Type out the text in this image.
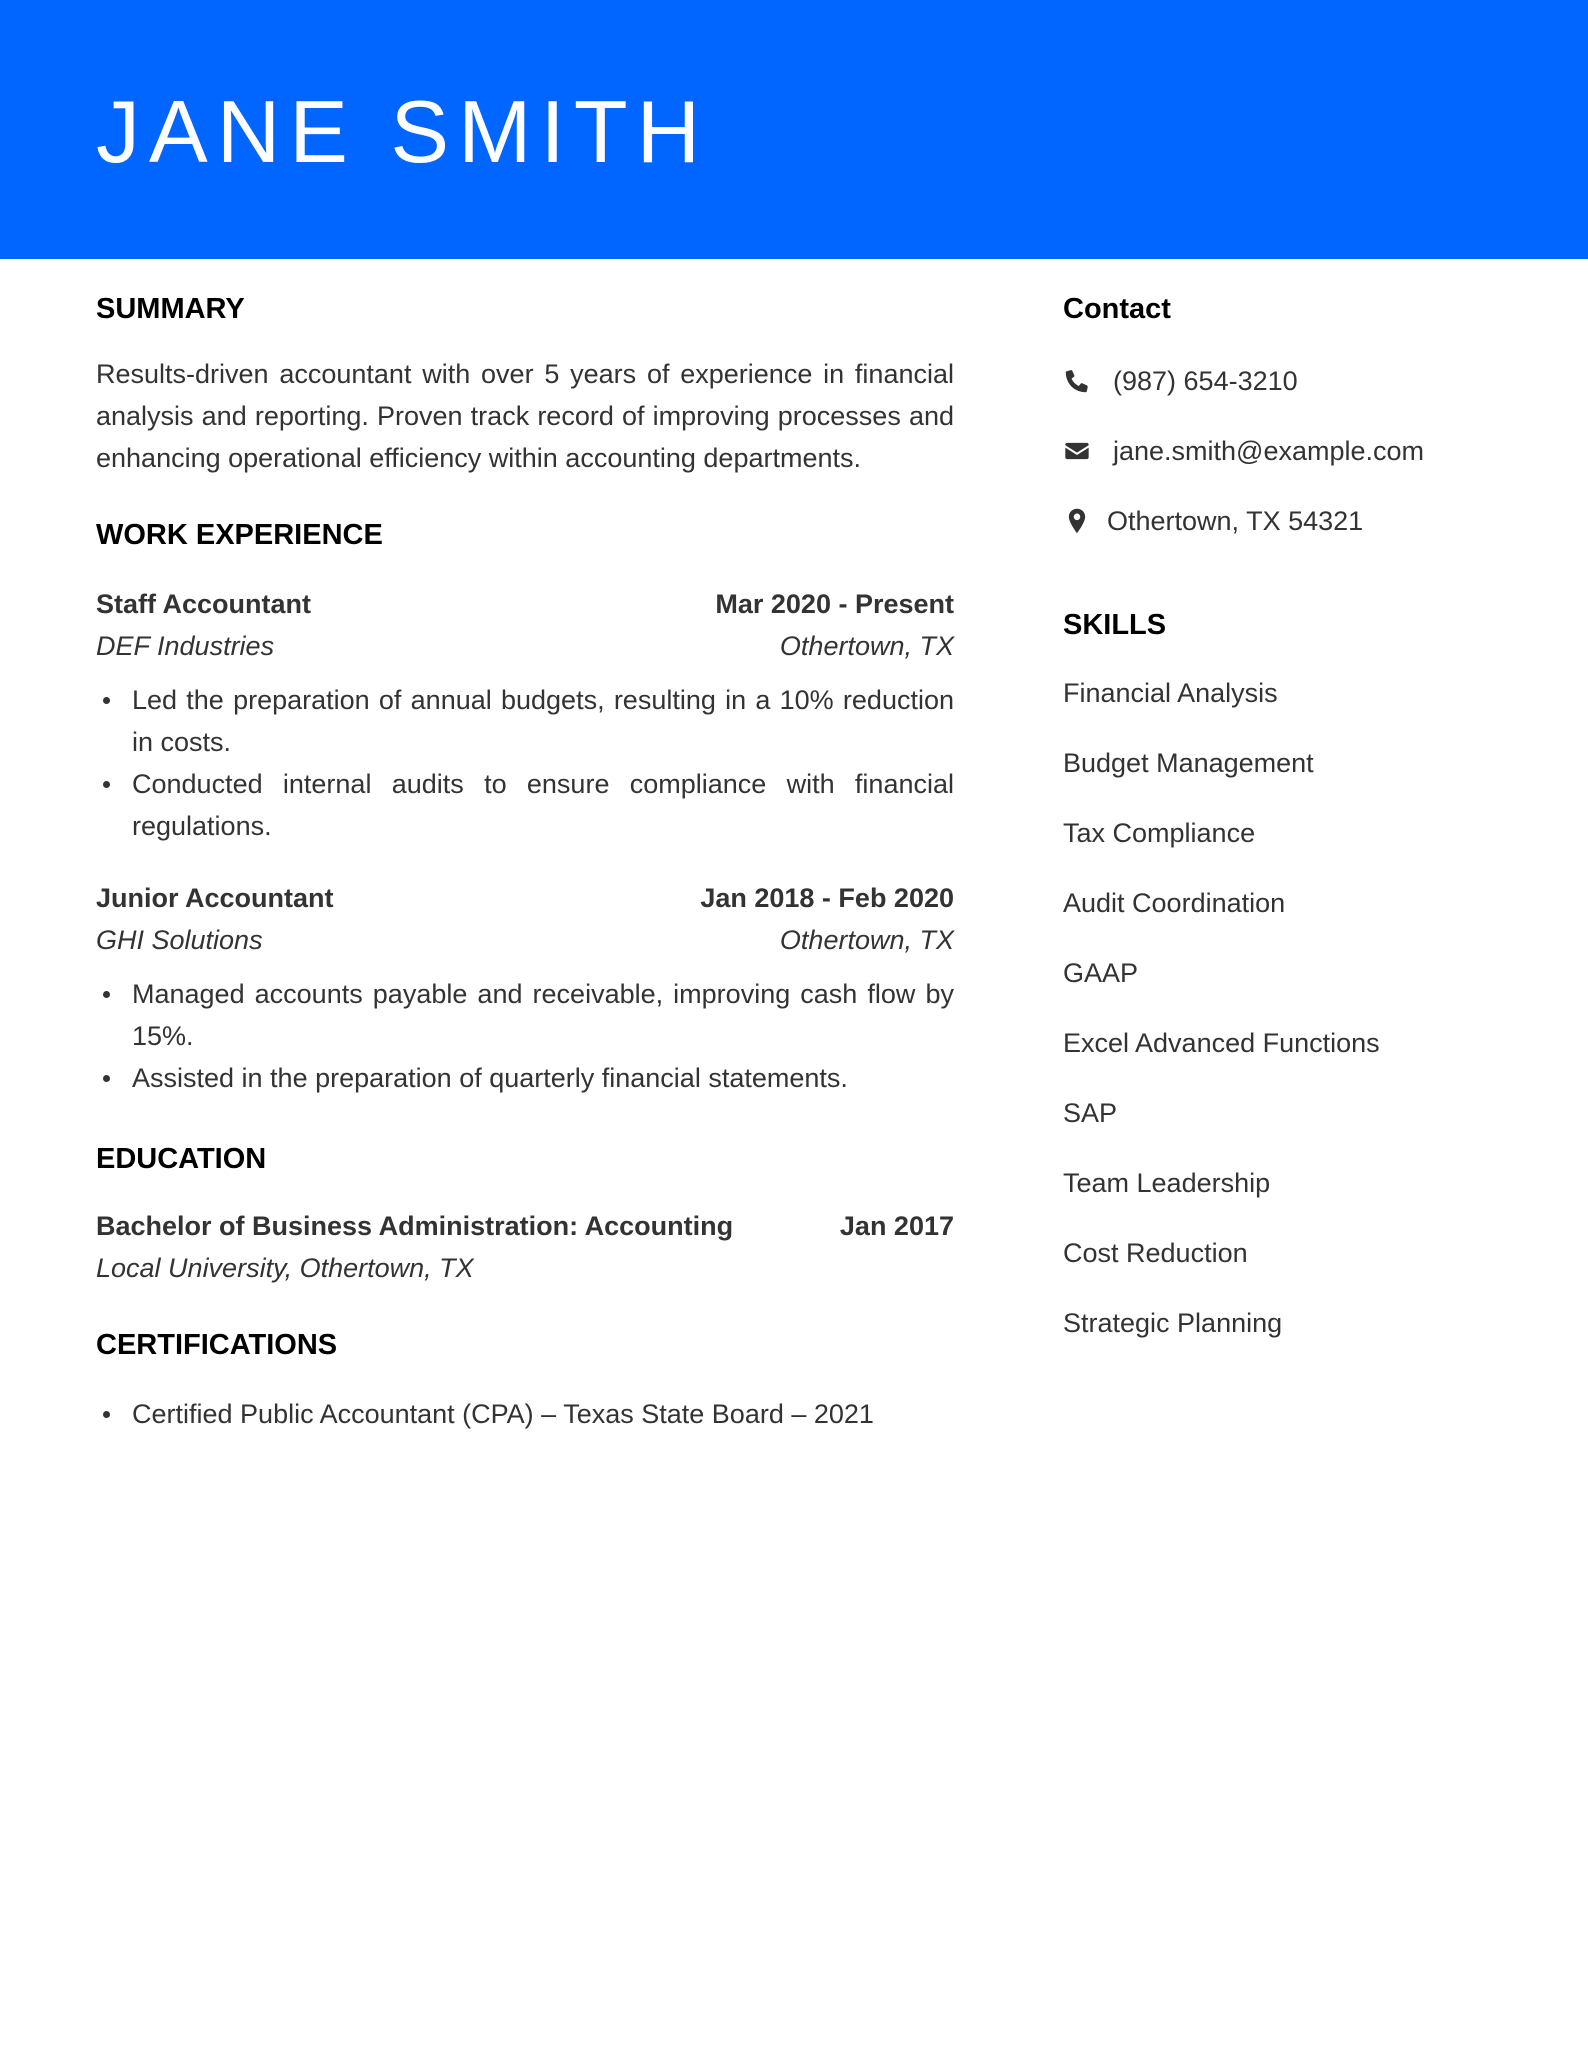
JANE SMITH
SUMMARY

Results-driven accountant with over 5 years of experience in financial analysis and reporting. Proven track record of improving processes and enhancing operational efficiency within accounting departments.

WORK EXPERIENCE
Staff Accountant	Mar 2020 - Present
DEF Industries	Othertown, TX
Led the preparation of annual budgets, resulting in a 10% reduction in costs.
Conducted internal audits to ensure compliance with financial regulations.
Junior Accountant	Jan 2018 - Feb 2020
GHI Solutions	Othertown, TX
Managed accounts payable and receivable, improving cash flow by 15%.
Assisted in the preparation of quarterly financial statements.
EDUCATION
Bachelor of Business Administration: Accounting	Jan 2017
Local University, Othertown, TX
CERTIFICATIONS
Certified Public Accountant (CPA) – Texas State Board – 2021
Contact
(987) 654-3210
jane.smith@example.com
Othertown, TX 54321
SKILLS
Financial Analysis
Budget Management
Tax Compliance
Audit Coordination
GAAP
Excel Advanced Functions
SAP
Team Leadership
Cost Reduction
Strategic Planning
